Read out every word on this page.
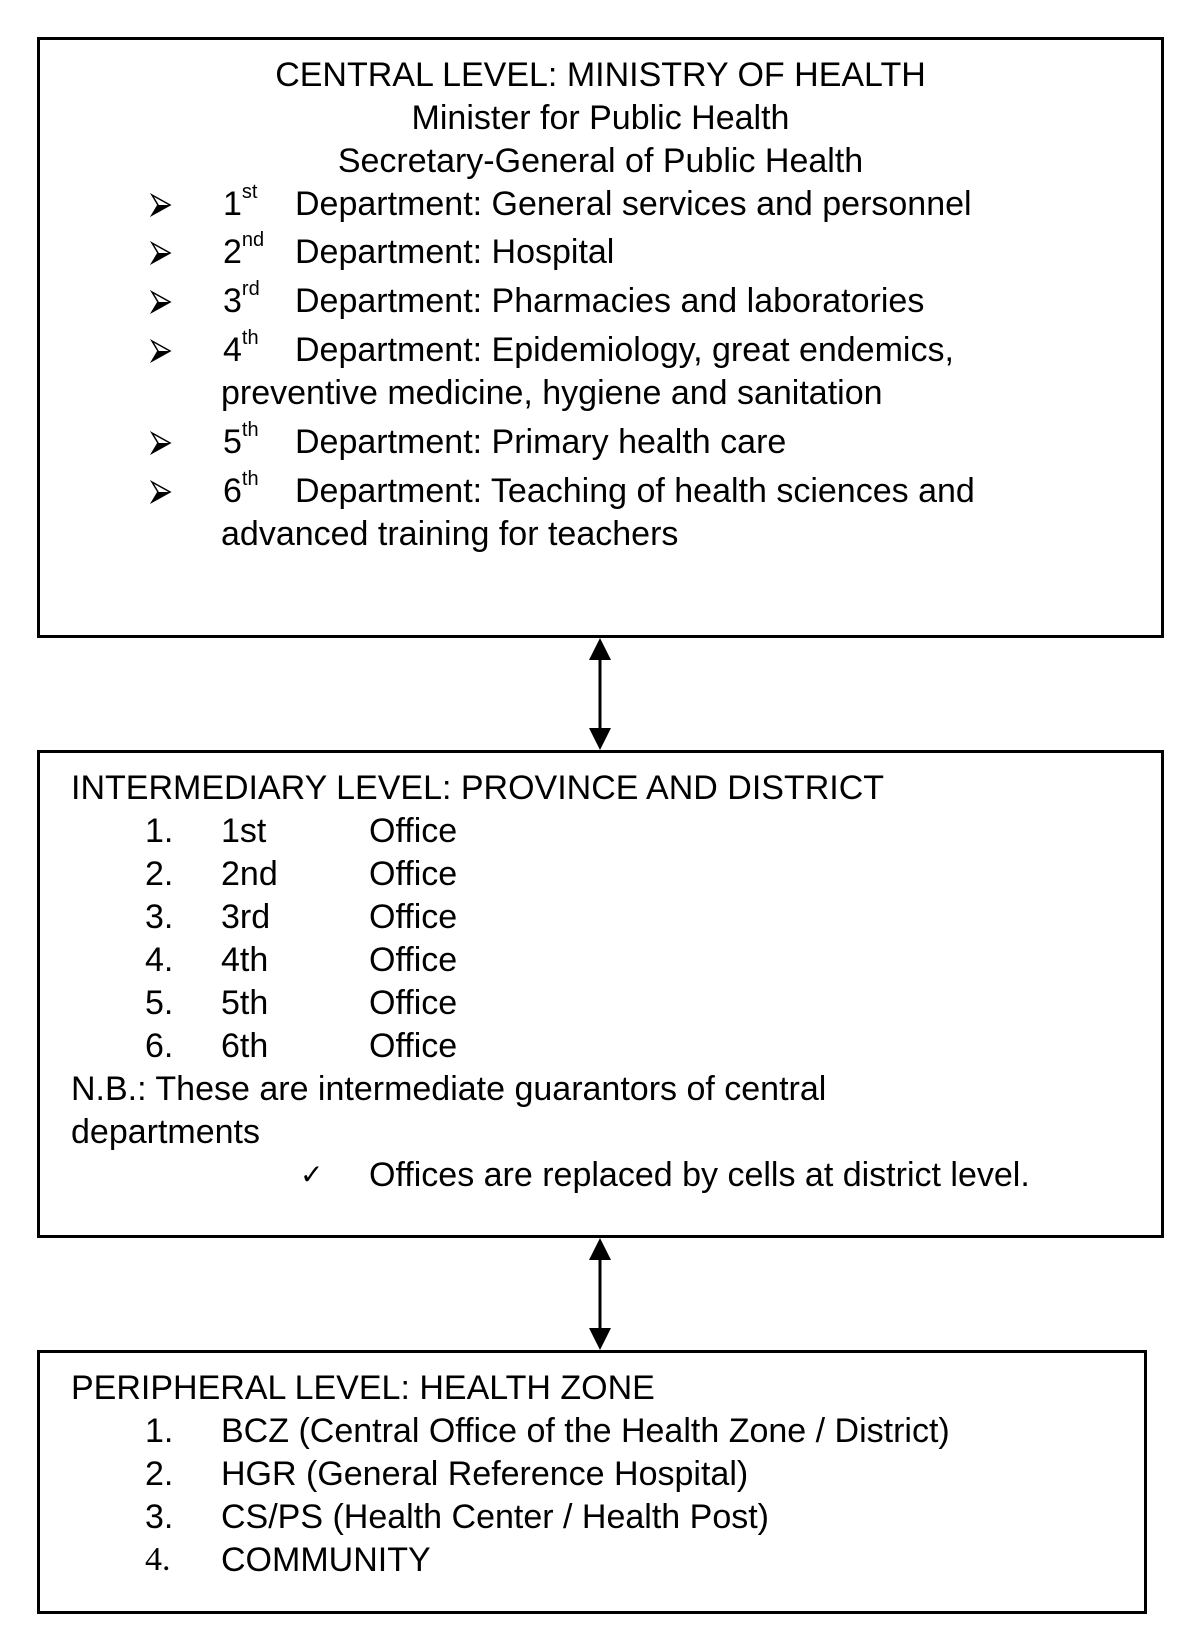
CENTRAL LEVEL: MINISTRY OF HEALTH
Minister for Public Health
Secretary-General of Public Health
1st Department: General services and personnel
2nd Department: Hospital
3rd Department: Pharmacies and laboratories
4th Department: Epidemiology, great endemics,
preventive medicine, hygiene and sanitation
5th Department: Primary health care
6th Department: Teaching of health sciences and
advanced training for teachers
INTERMEDIARY LEVEL: PROVINCE AND DISTRICT
1. 1st	Office
2. 2nd	Office
3. 3rd	Office
4. 4th	Office
5. 5th	Office
6. 6th	Office
N.B.: These are intermediate guarantors of central
departments
✓ Offices are replaced by cells at district level.
PERIPHERAL LEVEL: HEALTH ZONE
1. BCZ (Central Office of the Health Zone / District)
2. HGR (General Reference Hospital)
3. CS/PS (Health Center / Health Post)
4. COMMUNITY
